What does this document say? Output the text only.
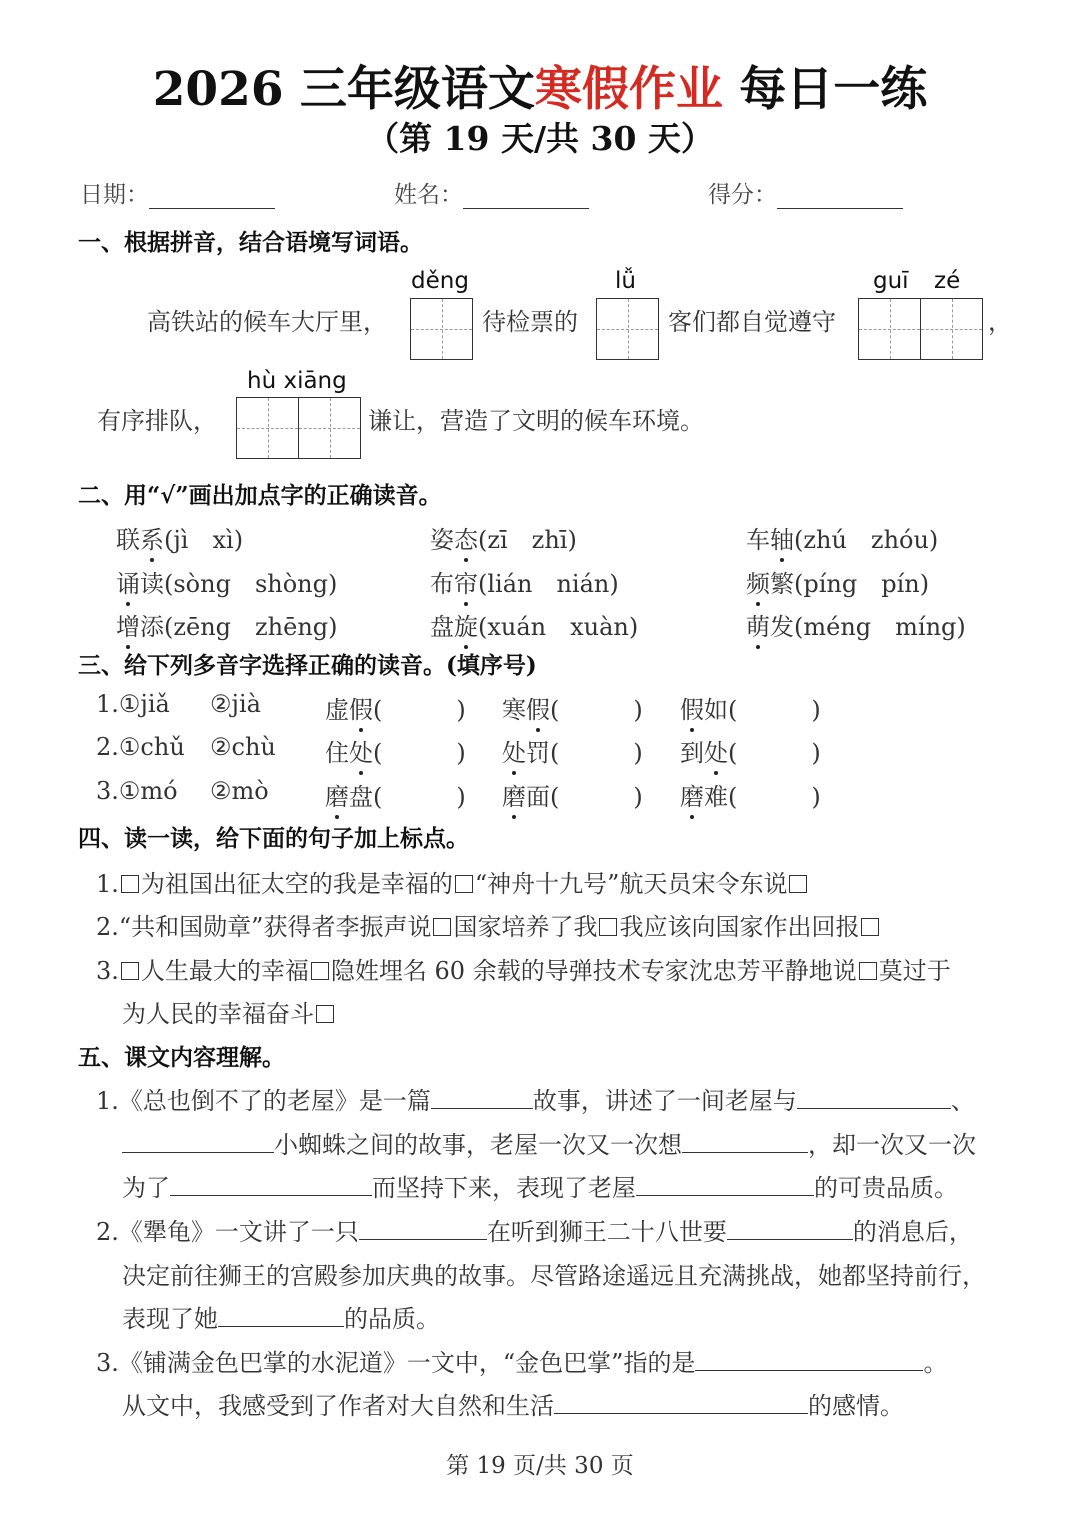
2026 三年级语文寒假作业 每日一练
（第 19 天/共 30 天）
日期：	姓名：	得分：
一、根据拼音，结合语境写词语。
děng	lǚ	guī zé
高铁站的候车大厅里，	待检票的	客们都自觉遵守	，
hù xiāng
有序排队，	谦让，营造了文明的候车环境。
二、用“√”画出加点字的正确读音。
联系(jì　xì)	姿态(zī　zhī)	车轴(zhú　zhóu)
诵读(sòng　shòng)	布帘(lián　nián)	频繁(píng　pín)
增添(zēng　zhēng)	盘旋(xuán　xuàn)	萌发(méng　míng)
三、给下列多音字选择正确的读音。(填序号)
1.①jiǎ ②jià	虚假(	) 寒假(	) 假如(	)
2.①chǔ ②chù 住处(	) 处罚(	) 到处(	)
3.①mó ②mò 磨盘(	) 磨面(	) 磨难(	)
四、读一读，给下面的句子加上标点。
1. 为祖国出征太空的我是幸福的 “神舟十九号”航天员宋令东说
2.“共和国勋章”获得者李振声说 国家培养了我 我应该向国家作出回报
3. 人生最大的幸福 隐姓埋名 60 余载的导弹技术专家沈忠芳平静地说 莫过于
为人民的幸福奋斗
五、课文内容理解。
1.《总也倒不了的老屋》是一篇	故事，讲述了一间老屋与	、
小蜘蛛之间的故事，老屋一次又一次想	，却一次又一次
为了	而坚持下来，表现了老屋	的可贵品质。
2.《犟龟》一文讲了一只	在听到狮王二十八世要	的消息后，
决定前往狮王的宫殿参加庆典的故事。尽管路途遥远且充满挑战，她都坚持前行，
表现了她	的品质。
3.《铺满金色巴掌的水泥道》一文中，“金色巴掌”指的是	。
从文中，我感受到了作者对大自然和生活	的感情。
第 19 页/共 30 页
